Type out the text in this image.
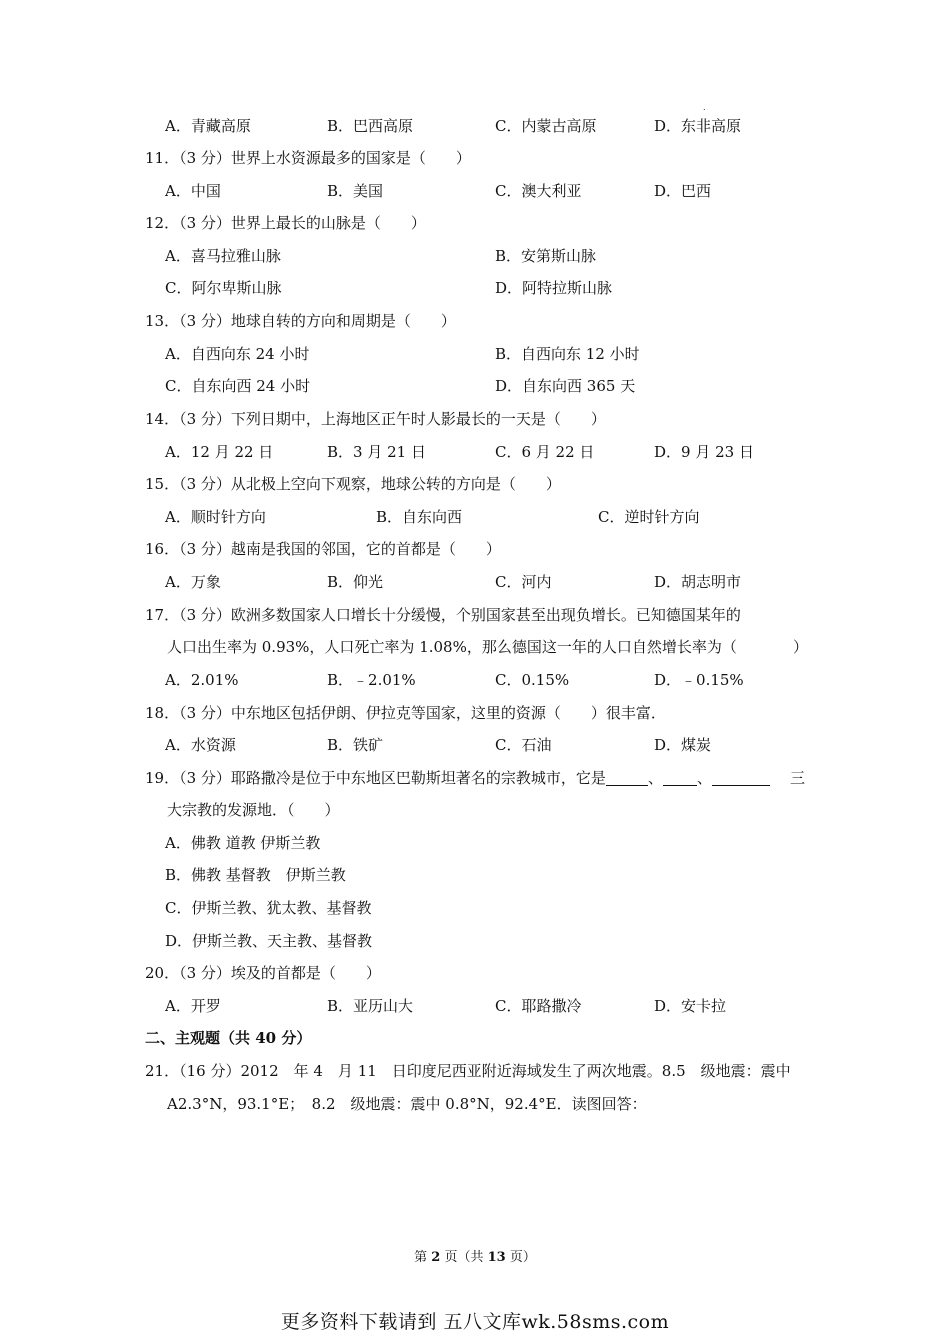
.
A．青藏高原	B．巴西高原	C．内蒙古高原	D．东非高原
11．（3 分）世界上水资源最多的国家是（　　）
A．中国	B．美国	C．澳大利亚	D．巴西
12．（3 分）世界上最长的山脉是（　　）
A．喜马拉雅山脉	B．安第斯山脉
C．阿尔卑斯山脉	D．阿特拉斯山脉
13．（3 分）地球自转的方向和周期是（　　）
A．自西向东 24 小时	B．自西向东 12 小时
C．自东向西 24 小时	D．自东向西 365 天
14．（3 分）下列日期中，上海地区正午时人影最长的一天是（　　）
A．12 月 22 日	B．3 月 21 日	C．6 月 22 日	D．9 月 23 日
15．（3 分）从北极上空向下观察，地球公转的方向是（　　）
A．顺时针方向	B．自东向西	C．逆时针方向
16．（3 分）越南是我国的邻国，它的首都是（　　）
A．万象	B．仰光	C．河内	D．胡志明市
17．（3 分）欧洲多数国家人口增长十分缓慢，个别国家甚至出现负增长。已知德国某年的
人口出生率为 0.93%，人口死亡率为 1.08%，那么德国这一年的人口自然增长率为（	）
A．2.01%	B．﹣2.01%	C．0.15%	D．﹣0.15%
18．（3 分）中东地区包括伊朗、伊拉克等国家，这里的资源（　　）很丰富．
A．水资源	B．铁矿	C．石油	D．煤炭
19．（3 分）耶路撒冷是位于中东地区巴勒斯坦著名的宗教城市，它是	、 、	三
大宗教的发源地．（　　）
A．佛教 道教 伊斯兰教
B．佛教 基督教　伊斯兰教
C．伊斯兰教、犹太教、基督教
D．伊斯兰教、天主教、基督教
20．（3 分）埃及的首都是（　　）
A．开罗	B．亚历山大	C．耶路撒冷	D．安卡拉
二、主观题（共 40 分）
21．（16 分）2012　年 4　月 11　日印度尼西亚附近海域发生了两次地震。8.5　级地震：震中
A2.3°N，93.1°E；　8.2　级地震：震中 0.8°N，92.4°E．读图回答：
第 2 页（共 13 页）
更多资料下载请到 五八文库wk.58sms.com
